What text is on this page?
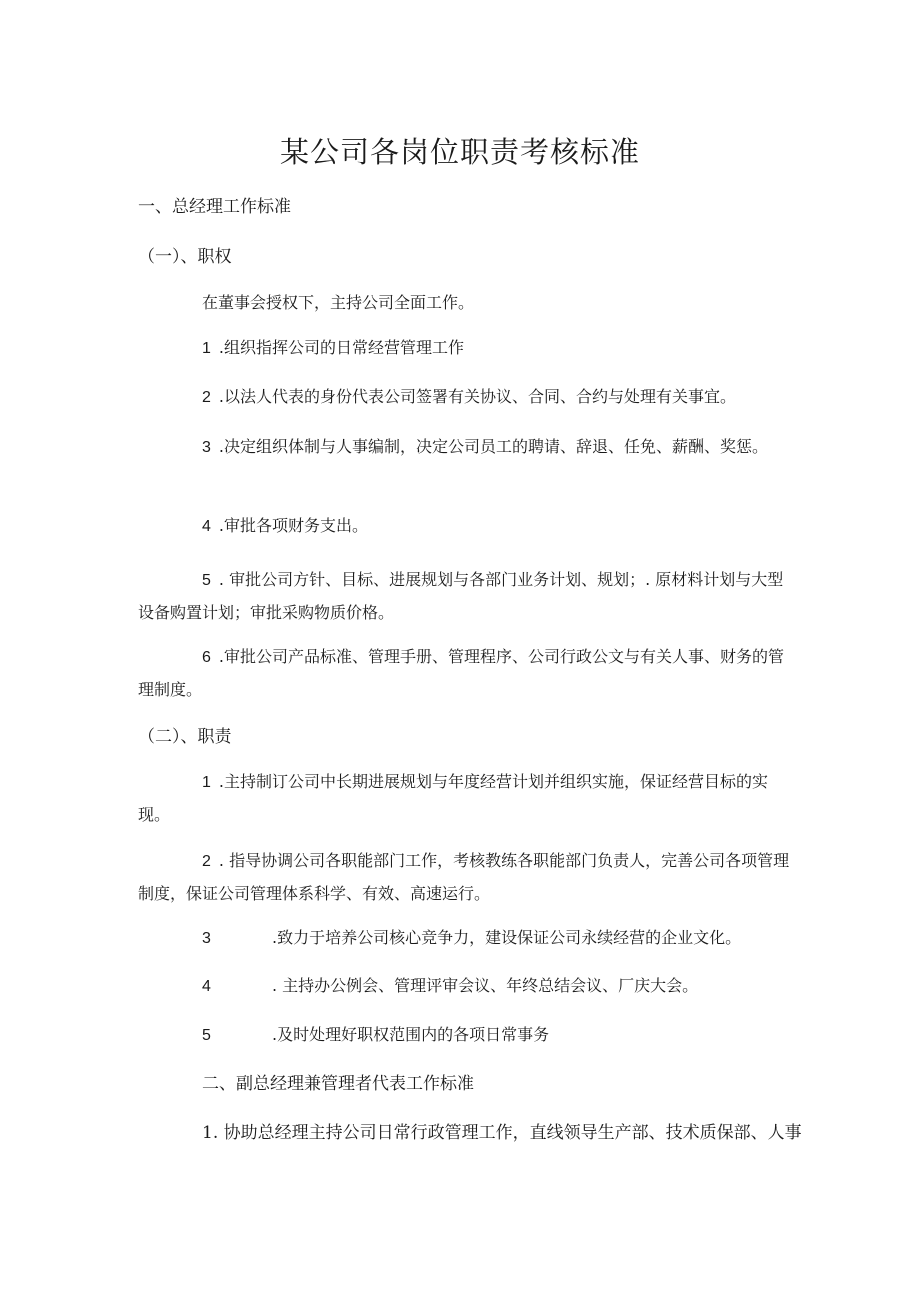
某公司各岗位职责考核标准
一、总经理工作标准
（一）、职权
在董事会授权下，主持公司全面工作。
1 .组织指挥公司的日常经营管理工作
2 .以法人代表的身份代表公司签署有关协议、合同、合约与处理有关事宜。
3 .决定组织体制与人事编制，决定公司员工的聘请、辞退、任免、薪酬、奖惩。
4 .审批各项财务支出。
5 . 审批公司方针、目标、进展规划与各部门业务计划、规划；. 原材料计划与大型设备购置计划；审批采购物质价格。
6 .审批公司产品标准、管理手册、管理程序、公司行政公文与有关人事、财务的管理制度。
（二）、职责
1 .主持制订公司中长期进展规划与年度经营计划并组织实施，保证经营目标的实现。
2 . 指导协调公司各职能部门工作，考核教练各职能部门负责人，完善公司各项管理制度，保证公司管理体系科学、有效、高速运行。
3	.致力于培养公司核心竞争力，建设保证公司永续经营的企业文化。
4	. 主持办公例会、管理评审会议、年终总结会议、厂庆大会。
5	.及时处理好职权范围内的各项日常事务
二、副总经理兼管理者代表工作标准
1. 协助总经理主持公司日常行政管理工作，直线领导生产部、技术质保部、人事
